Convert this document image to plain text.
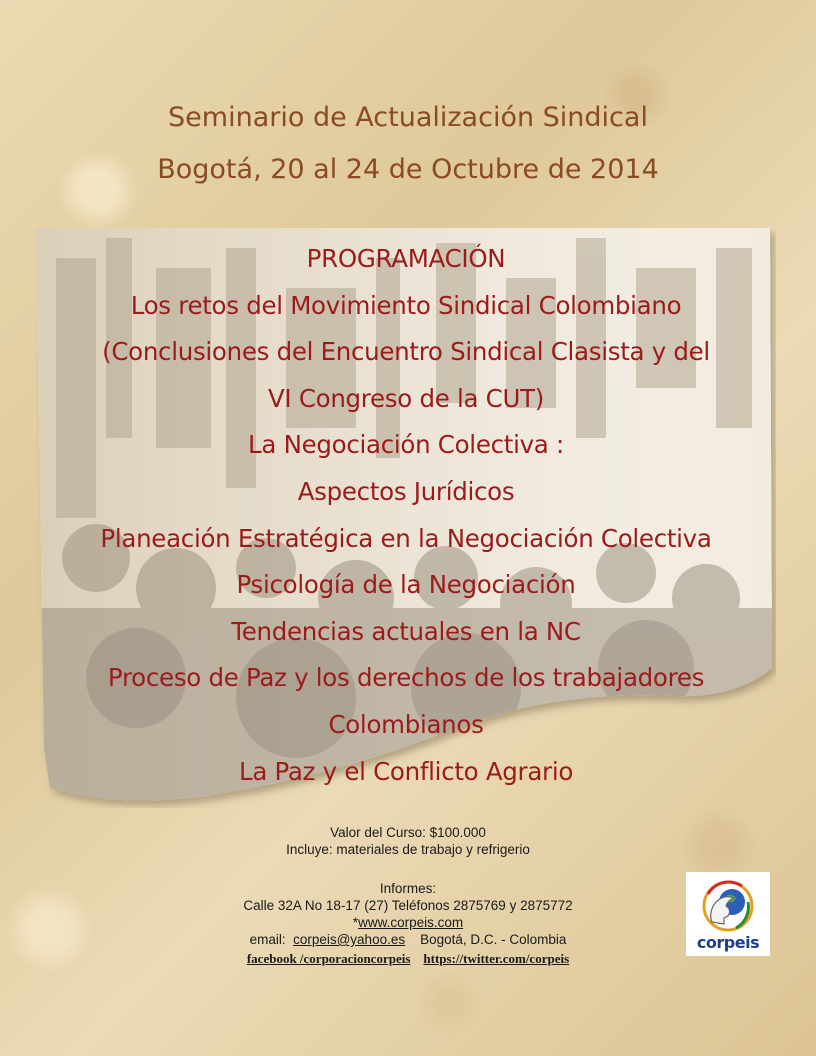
Seminario de Actualización Sindical
Bogotá, 20 al 24 de Octubre de 2014
PROGRAMACIÓN
Los retos del Movimiento Sindical Colombiano
(Conclusiones del Encuentro Sindical Clasista y del
VI Congreso de la CUT)
La Negociación Colectiva :
Aspectos Jurídicos
Planeación Estratégica en la Negociación Colectiva
Psicología de la Negociación
Tendencias actuales en la NC
Proceso de Paz y los derechos de los trabajadores
Colombianos
La Paz y el Conflicto Agrario
Valor del Curso: $100.000
Incluye: materiales de trabajo y refrigerio
Informes:
Calle 32A No 18-17 (27) Teléfonos 2875769 y 2875772
*www.corpeis.com
email:  corpeis@yahoo.es    Bogotá, D.C. - Colombia
facebook /corporacioncorpeis https://twitter.com/corpeis
corpeis
